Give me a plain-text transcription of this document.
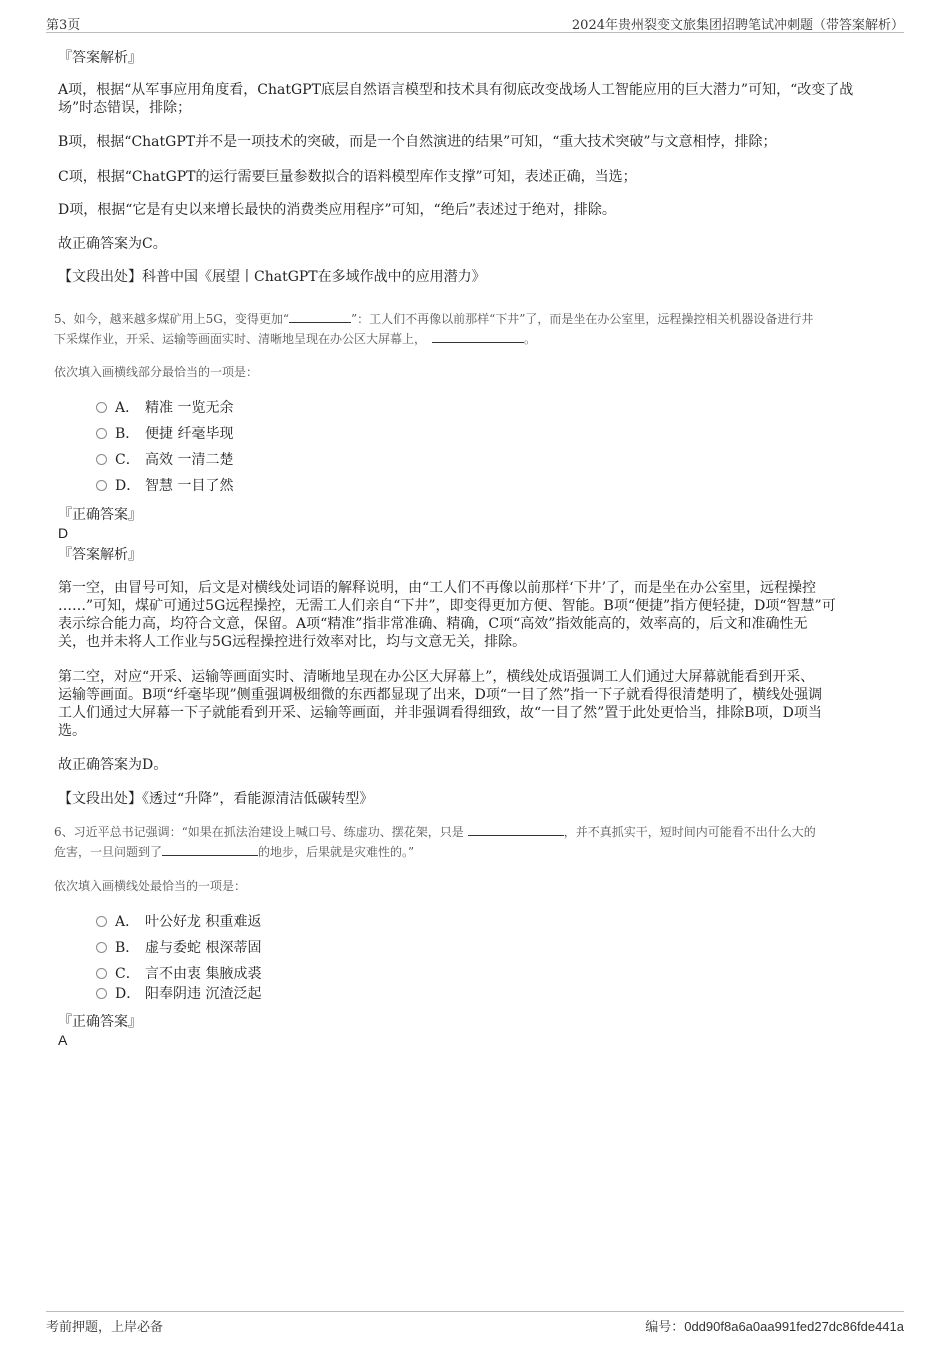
第3页	2024年贵州裂变文旅集团招聘笔试冲刺题（带答案解析）
『答案解析』
A项，根据“从军事应用角度看，ChatGPT底层自然语言模型和技术具有彻底改变战场人工智能应用的巨大潜力”可知，“改变了战场”时态错误，排除；
B项，根据“ChatGPT并不是一项技术的突破，而是一个自然演进的结果”可知，“重大技术突破”与文意相悖，排除；
C项，根据“ChatGPT的运行需要巨量参数拟合的语料模型库作支撑”可知，表述正确，当选；
D项，根据“它是有史以来增长最快的消费类应用程序”可知，“绝后”表述过于绝对，排除。
故正确答案为C。
【文段出处】科普中国《展望丨ChatGPT在多域作战中的应用潜力》
5、如今，越来越多煤矿用上5G，变得更加“	”：工人们不再像以前那样“下井”了，而是坐在办公室里，远程操控相关机器设备进行井
下采煤作业，开采、运输等画面实时、清晰地呈现在办公区大屏幕上，	。
依次填入画横线部分最恰当的一项是：
A． 精准 一览无余
B． 便捷 纤毫毕现
C． 高效 一清二楚
D． 智慧 一目了然
『正确答案』
D
『答案解析』
第一空，由冒号可知，后文是对横线处词语的解释说明，由“工人们不再像以前那样‘下井’了，而是坐在办公室里，远程操控
……”可知，煤矿可通过5G远程操控，无需工人们亲自“下井”，即变得更加方便、智能。B项“便捷”指方便轻捷，D项“智慧”可
表示综合能力高，均符合文意，保留。A项“精准”指非常准确、精确，C项“高效”指效能高的，效率高的，后文和准确性无
关，也并未将人工作业与5G远程操控进行效率对比，均与文意无关，排除。
第二空，对应“开采、运输等画面实时、清晰地呈现在办公区大屏幕上”，横线处成语强调工人们通过大屏幕就能看到开采、
运输等画面。B项“纤毫毕现”侧重强调极细微的东西都显现了出来，D项“一目了然”指一下子就看得很清楚明了，横线处强调
工人们通过大屏幕一下子就能看到开采、运输等画面，并非强调看得细致，故“一目了然”置于此处更恰当，排除B项，D项当
选。
故正确答案为D。
【文段出处】《透过“升降”，看能源清洁低碳转型》
6、习近平总书记强调：“如果在抓法治建设上喊口号、练虚功、摆花架，只是	，并不真抓实干，短时间内可能看不出什么大的
危害，一旦问题到了	的地步，后果就是灾难性的。”
依次填入画横线处最恰当的一项是：
A． 叶公好龙 积重难返
B． 虚与委蛇 根深蒂固
C． 言不由衷 集腋成裘
D． 阳奉阴违 沉渣泛起
『正确答案』
A
考前押题，上岸必备	编号：0dd90f8a6a0aa991fed27dc86fde441a
